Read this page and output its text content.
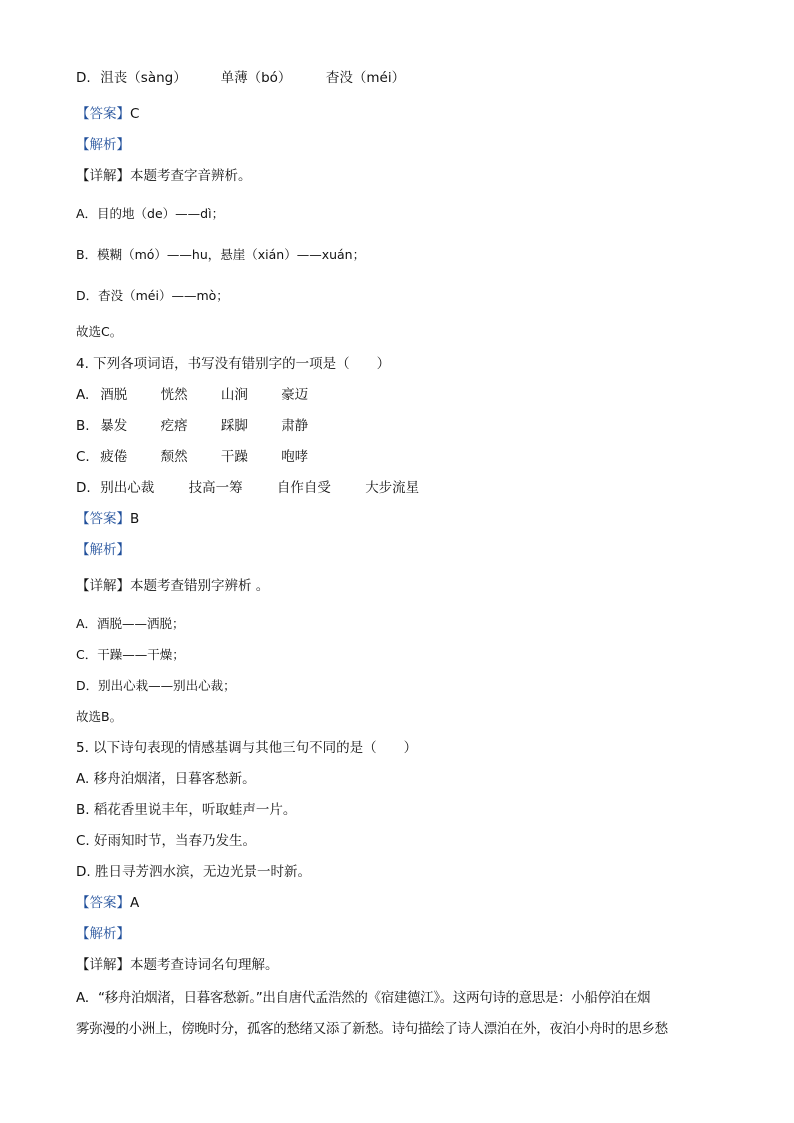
D. 沮丧（sàng）	单薄（bó）	杳没（méi）
【答案】C
【解析】
【详解】本题考查字音辨析。
A．目的地（de）——dì；
B．模糊（mó）——hu，悬崖（xián）——xuán；
D．杳没（méi）——mò；
故选C。
4. 下列各项词语，书写没有错别字的一项是（　　）
A. 酒脱 恍然 山涧 豪迈
B. 暴发 疙瘩 踩脚 肃静
C. 疲倦 颓然 干躁 咆哮
D. 别出心裁	技高一筹	自作自受	大步流星
【答案】B
【解析】
【详解】本题考查错别字辨析 。
A．酒脱——洒脱；
C．干躁——干燥；
D．别出心栽——别出心裁；
故选B。
5. 以下诗句表现的情感基调与其他三句不同的是（　　）
A. 移舟泊烟渚，日暮客愁新。
B. 稻花香里说丰年，听取蛙声一片。
C. 好雨知时节，当春乃发生。
D. 胜日寻芳泗水滨，无边光景一时新。
【答案】A
【解析】
【详解】本题考查诗词名句理解。
A．“移舟泊烟渚，日暮客愁新。”出自唐代孟浩然的《宿建德江》。这两句诗的意思是：小船停泊在烟
雾弥漫的小洲上，傍晚时分，孤客的愁绪又添了新愁。诗句描绘了诗人漂泊在外，夜泊小舟时的思乡愁
